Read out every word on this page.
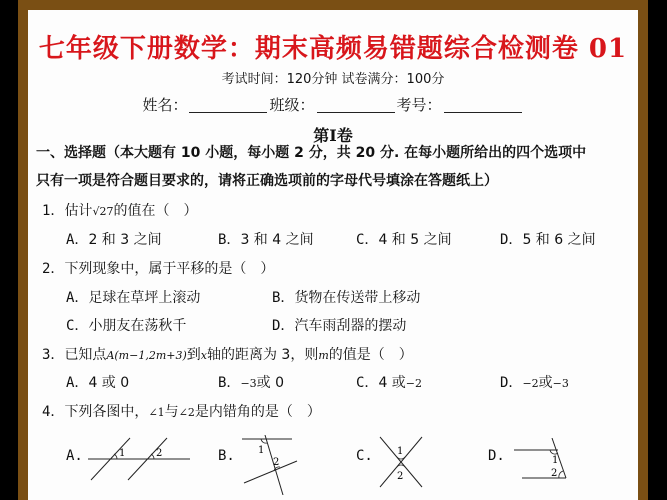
七年级下册数学：期末高频易错题综合检测卷 01
考试时间：120分钟 试卷满分：100分
姓名：	班级：	考号：
第Ⅰ卷
一、选择题（本大题有 10 小题，每小题 2 分，共 20 分. 在每小题所给出的四个选项中
只有一项是符合题目要求的，请将正确选项前的字母代号填涂在答题纸上）
1．估计√27的值在（　）
A．2 和 3 之间	B．3 和 4 之间	C．4 和 5 之间	D．5 和 6 之间
2．下列现象中，属于平移的是（　）
A．足球在草坪上滚动	B．货物在传送带上移动
C．小朋友在荡秋千	D．汽车雨刮器的摆动
3．已知点A(m−1,2m+3)到x轴的距离为 3，则m的值是（　）
A．4 或 0	B．−3或 0	C．4 或−2	D．−2或−3
4．下列各图中，∠1与∠2是内错角的是（　）
A.	B.	C.	D.
1	2	1
2
1
2
1
2
